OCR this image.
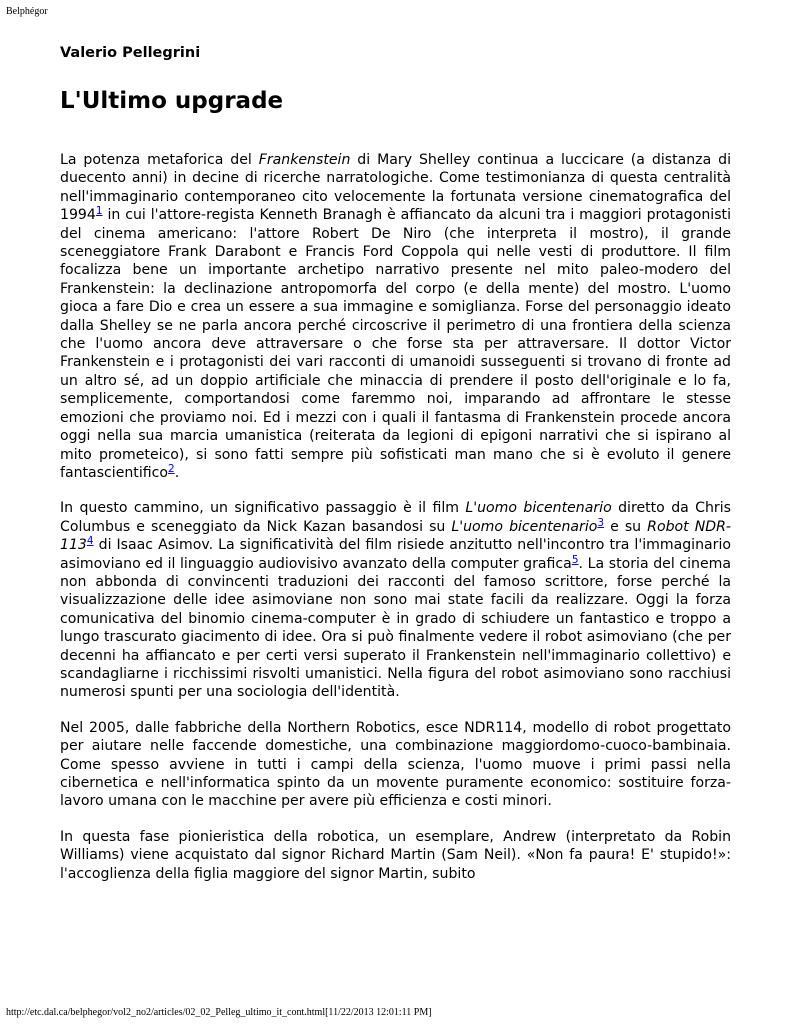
Belphégor
Valerio Pellegrini
L'Ultimo upgrade

La potenza metaforica del Frankenstein di Mary Shelley continua a luccicare (a distanza di duecento anni) in decine di ricerche narratologiche. Come testimonianza di questa centralità nell'immaginario contemporaneo cito velocemente la fortunata versione cinematografica del 1994$^1$ in cui l'attore-regista Kenneth Branagh è affiancato da alcuni tra i maggiori protagonisti del cinema americano: l'attore Robert De Niro (che interpreta il mostro), il grande sceneggiatore Frank Darabont e Francis Ford Coppola qui nelle vesti di produttore. Il film focalizza bene un importante archetipo narrativo presente nel mito paleo-modero del Frankenstein: la declinazione antropomorfa del corpo (e della mente) del mostro. L'uomo gioca a fare Dio e crea un essere a sua immagine e somiglianza. Forse del personaggio ideato dalla Shelley se ne parla ancora perché circoscrive il perimetro di una frontiera della scienza che l'uomo ancora deve attraversare o che forse sta per attraversare. Il dottor Victor Frankenstein e i protagonisti dei vari racconti di umanoidi susseguenti si trovano di fronte ad un altro sé, ad un doppio artificiale che minaccia di prendere il posto dell'originale e lo fa, semplicemente, comportandosi come faremmo noi, imparando ad affrontare le stesse emozioni che proviamo noi. Ed i mezzi con i quali il fantasma di Frankenstein procede ancora oggi nella sua marcia umanistica (reiterata da legioni di epigoni narrativi che si ispirano al mito prometeico), si sono fatti sempre più sofisticati man mano che si è evoluto il genere fantascientifico$^2$.

In questo cammino, un significativo passaggio è il film L'uomo bicentenario diretto da Chris Columbus e sceneggiato da Nick Kazan basandosi su L'uomo bicentenario$^3$ e su Robot NDR-113$^4$ di Isaac Asimov. La significatività del film risiede anzitutto nell'incontro tra l'immaginario asimoviano ed il linguaggio audiovisivo avanzato della computer grafica$^5$. La storia del cinema non abbonda di convincenti traduzioni dei racconti del famoso scrittore, forse perché la visualizzazione delle idee asimoviane non sono mai state facili da realizzare. Oggi la forza comunicativa del binomio cinema-computer è in grado di schiudere un fantastico e troppo a lungo trascurato giacimento di idee. Ora si può finalmente vedere il robot asimoviano (che per decenni ha affiancato e per certi versi superato il Frankenstein nell'immaginario collettivo) e scandagliarne i ricchissimi risvolti umanistici. Nella figura del robot asimoviano sono racchiusi numerosi spunti per una sociologia dell'identità.

Nel 2005, dalle fabbriche della Northern Robotics, esce NDR114, modello di robot progettato per aiutare nelle faccende domestiche, una combinazione maggiordomo-cuoco-bambinaia. Come spesso avviene in tutti i campi della scienza, l'uomo muove i primi passi nella cibernetica e nell'informatica spinto da un movente puramente economico: sostituire forza-lavoro umana con le macchine per avere più efficienza e costi minori.

In questa fase pionieristica della robotica, un esemplare, Andrew (interpretato da Robin Williams) viene acquistato dal signor Richard Martin (Sam Neil). «Non fa paura! E' stupido!»: l'accoglienza della figlia maggiore del signor Martin, subito

http://etc.dal.ca/belphegor/vol2_no2/articles/02_02_Pelleg_ultimo_it_cont.html[11/22/2013 12:01:11 PM]
